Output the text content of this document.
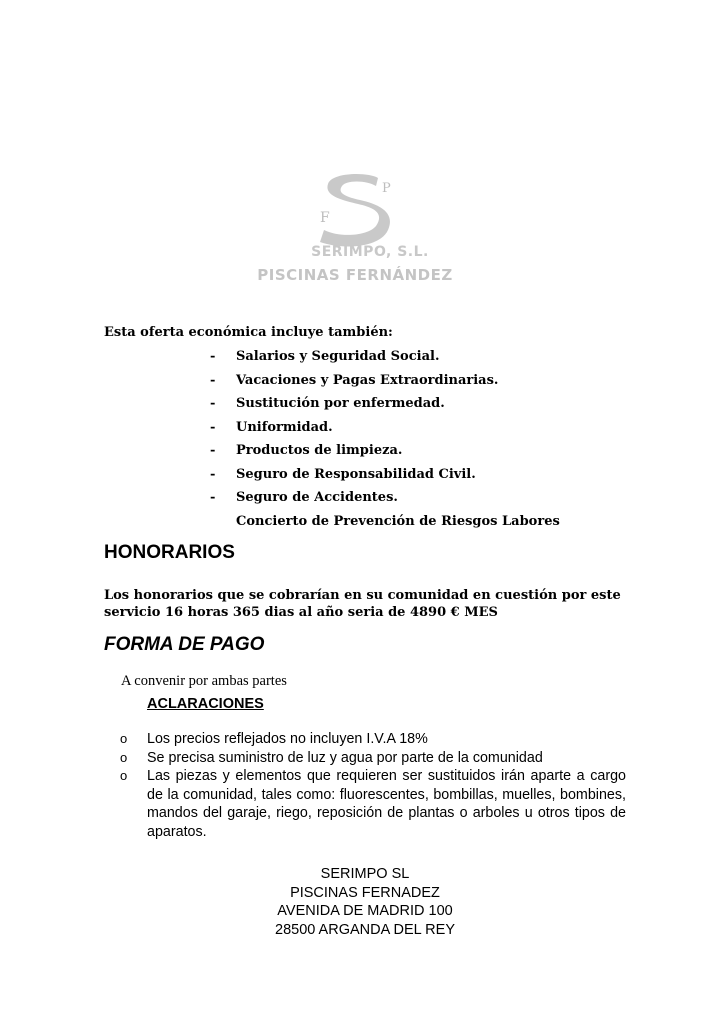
F
P
SERIMPO, S.L.
PISCINAS FERNÁNDEZ
Esta oferta económica incluye también:
- Salarios y Seguridad Social.
- Vacaciones y Pagas Extraordinarias.
- Sustitución por enfermedad.
- Uniformidad.
- Productos de limpieza.
- Seguro de Responsabilidad Civil.
- Seguro de Accidentes.
Concierto de Prevención de Riesgos Labores
HONORARIOS
Los honorarios que se cobrarían en su comunidad en cuestión por este servicio 16 horas 365 dias al año seria de 4890 € MES
FORMA DE PAGO
A convenir por ambas partes
ACLARACIONES
o Los precios reflejados no incluyen I.V.A 18%
o Se precisa suministro de luz y agua por parte de la comunidad
o Las piezas y elementos que requieren ser sustituidos irán aparte a cargo de la comunidad, tales como: fluorescentes, bombillas, muelles, bombines, mandos del garaje, riego, reposición de plantas o arboles u otros tipos de aparatos.
SERIMPO SL
PISCINAS FERNADEZ
AVENIDA DE MADRID 100
28500 ARGANDA DEL REY
